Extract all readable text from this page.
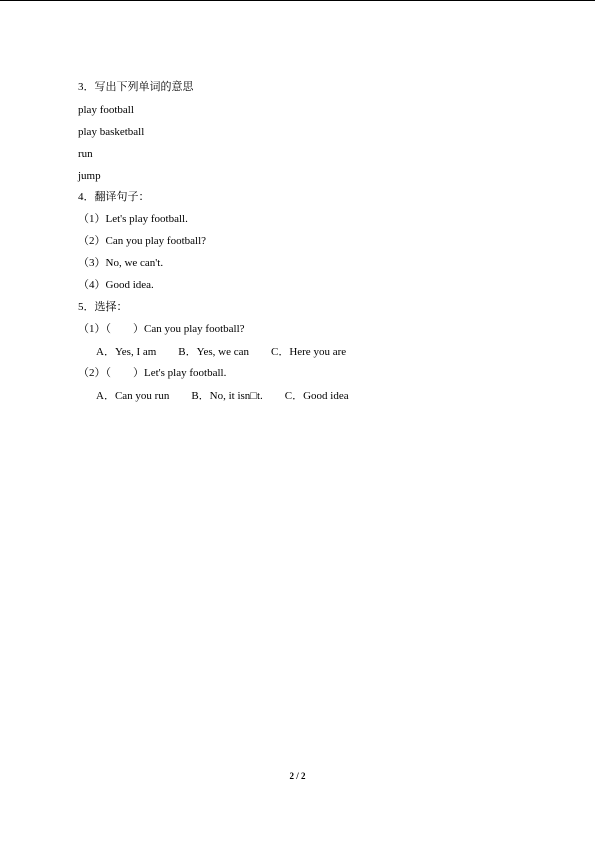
3．写出下列单词的意思
play football
play basketball
run
jump
4．翻译句子：
（1）Let's play football.
（2）Can you play football?
（3）No, we can't.
（4）Good idea.
5．选择：
（1）（　　）Can you play football?
A．Yes, I am　　B．Yes, we can　　C．Here you are
（2）（　　）Let's play football.
A．Can you run　　B．No, it isn□t.　　C．Good idea
2 / 2
